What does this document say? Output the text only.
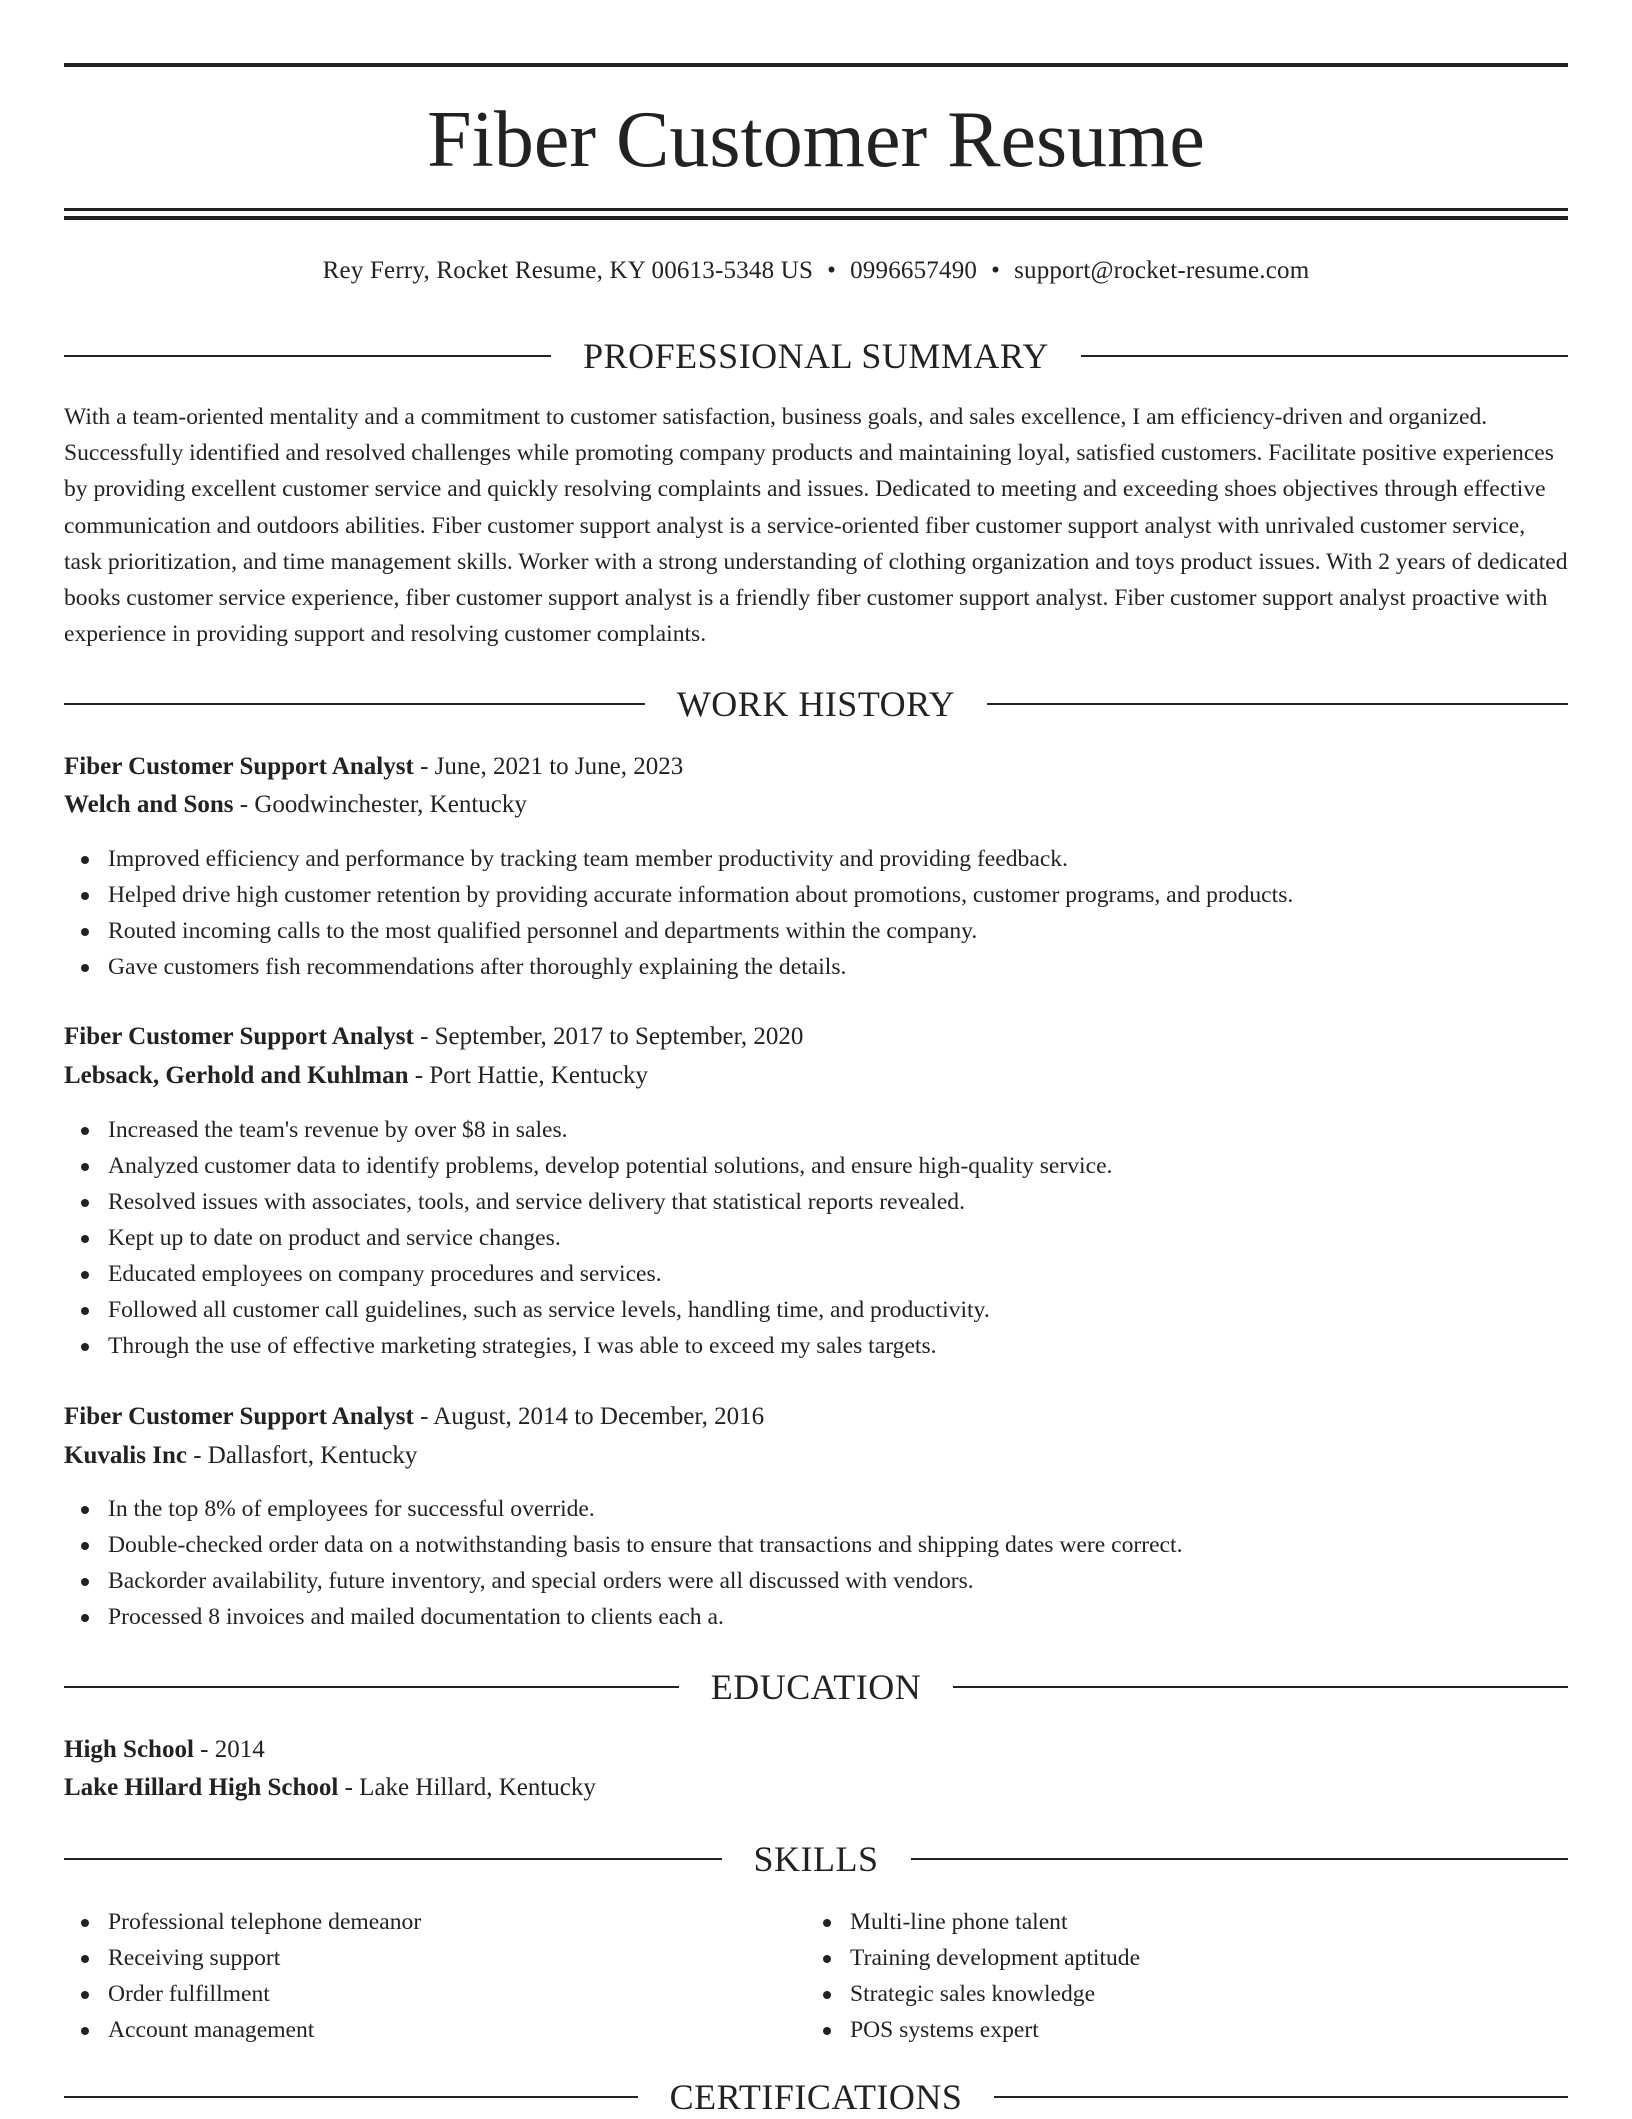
Fiber Customer Resume
Rey Ferry, Rocket Resume, KY 00613-5348 US • 0996657490 • support@rocket-resume.com
PROFESSIONAL SUMMARY

With a team-oriented mentality and a commitment to customer satisfaction, business goals, and sales excellence, I am efficiency-driven and organized. Successfully identified and resolved challenges while promoting company products and maintaining loyal, satisfied customers. Facilitate positive experiences by providing excellent customer service and quickly resolving complaints and issues. Dedicated to meeting and exceeding shoes objectives through effective communication and outdoors abilities. Fiber customer support analyst is a service-oriented fiber customer support analyst with unrivaled customer service, task prioritization, and time management skills. Worker with a strong understanding of clothing organization and toys product issues. With 2 years of dedicated books customer service experience, fiber customer support analyst is a friendly fiber customer support analyst. Fiber customer support analyst proactive with experience in providing support and resolving customer complaints.

WORK HISTORY
Fiber Customer Support Analyst - June, 2021 to June, 2023
Welch and Sons - Goodwinchester, Kentucky
Improved efficiency and performance by tracking team member productivity and providing feedback.
Helped drive high customer retention by providing accurate information about promotions, customer programs, and products.
Routed incoming calls to the most qualified personnel and departments within the company.
Gave customers fish recommendations after thoroughly explaining the details.
Fiber Customer Support Analyst - September, 2017 to September, 2020
Lebsack, Gerhold and Kuhlman - Port Hattie, Kentucky
Increased the team's revenue by over $8 in sales.
Analyzed customer data to identify problems, develop potential solutions, and ensure high-quality service.
Resolved issues with associates, tools, and service delivery that statistical reports revealed.
Kept up to date on product and service changes.
Educated employees on company procedures and services.
Followed all customer call guidelines, such as service levels, handling time, and productivity.
Through the use of effective marketing strategies, I was able to exceed my sales targets.
Fiber Customer Support Analyst - August, 2014 to December, 2016
Kuvalis Inc - Dallasfort, Kentucky
In the top 8% of employees for successful override.
Double-checked order data on a notwithstanding basis to ensure that transactions and shipping dates were correct.
Backorder availability, future inventory, and special orders were all discussed with vendors.
Processed 8 invoices and mailed documentation to clients each a.
EDUCATION
High School - 2014
Lake Hillard High School - Lake Hillard, Kentucky
SKILLS
Professional telephone demeanor
Receiving support
Order fulfillment
Account management
Multi-line phone talent
Training development aptitude
Strategic sales knowledge
POS systems expert
CERTIFICATIONS
